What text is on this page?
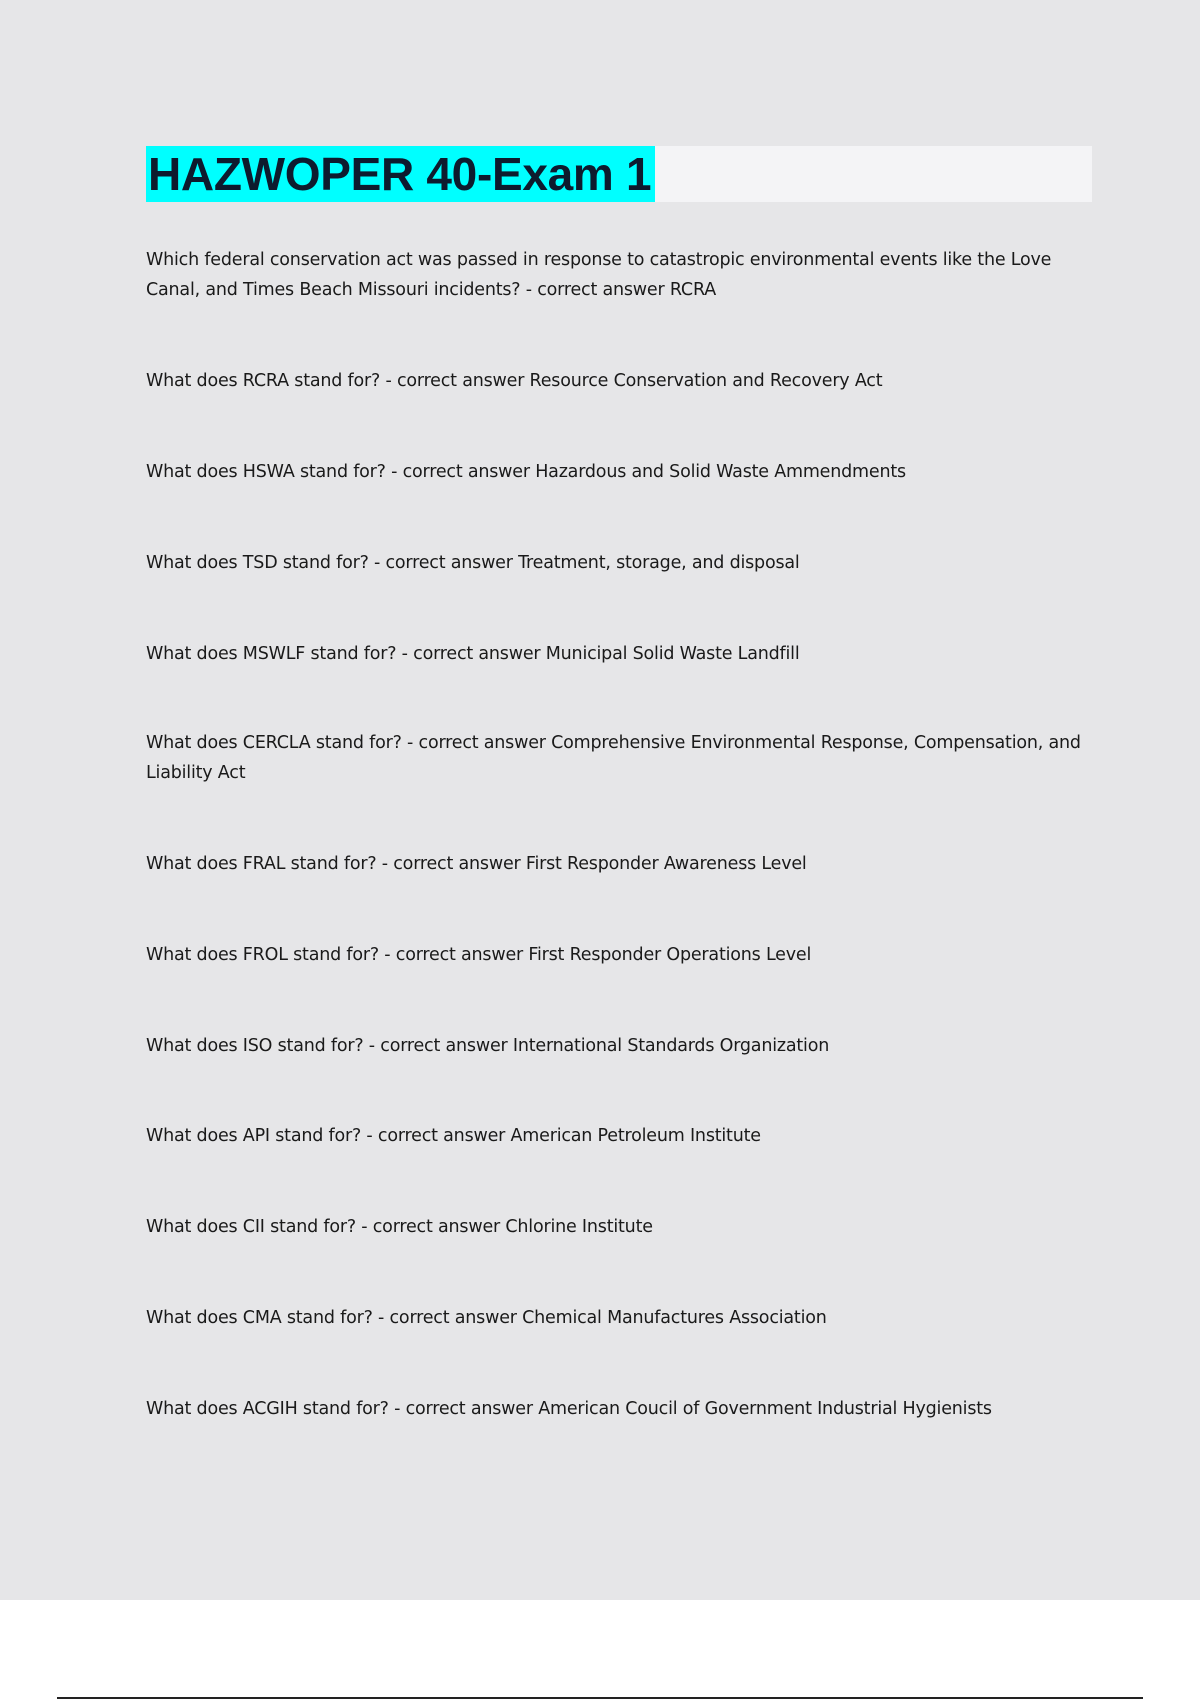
HAZWOPER 40-Exam 1

Which federal conservation act was passed in response to catastropic environmental events like the Love Canal, and Times Beach Missouri incidents? - correct answer RCRA

What does RCRA stand for? - correct answer Resource Conservation and Recovery Act

What does HSWA stand for? - correct answer Hazardous and Solid Waste Ammendments

What does TSD stand for? - correct answer Treatment, storage, and disposal

What does MSWLF stand for? - correct answer Municipal Solid Waste Landfill

What does CERCLA stand for? - correct answer Comprehensive Environmental Response, Compensation, and Liability Act

What does FRAL stand for? - correct answer First Responder Awareness Level

What does FROL stand for? - correct answer First Responder Operations Level

What does ISO stand for? - correct answer International Standards Organization

What does API stand for? - correct answer American Petroleum Institute

What does CII stand for? - correct answer Chlorine Institute

What does CMA stand for? - correct answer Chemical Manufactures Association

What does ACGIH stand for? - correct answer American Coucil of Government Industrial Hygienists
